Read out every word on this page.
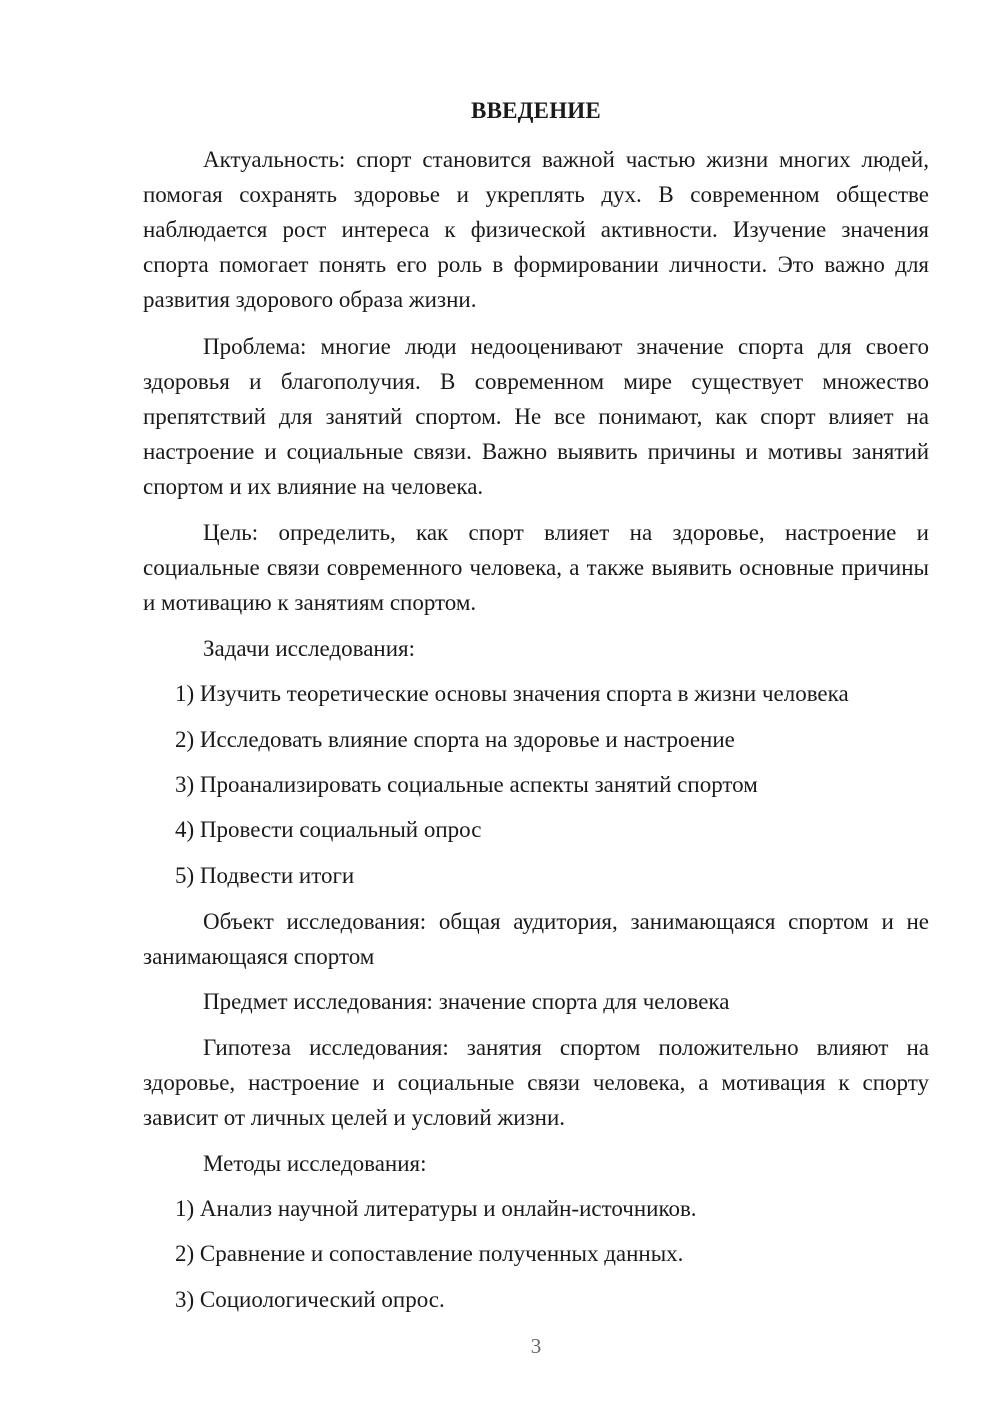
ВВЕДЕНИЕ

Актуальность: спорт становится важной частью жизни многих людей, помогая сохранять здоровье и укреплять дух. В современном обществе наблюдается рост интереса к физической активности. Изучение значения спорта помогает понять его роль в формировании личности. Это важно для развития здорового образа жизни.

Проблема: многие люди недооценивают значение спорта для своего здоровья и благополучия. В современном мире существует множество препятствий для занятий спортом. Не все понимают, как спорт влияет на настроение и социальные связи. Важно выявить причины и мотивы занятий спортом и их влияние на человека.

Цель: определить, как спорт влияет на здоровье, настроение и социальные связи современного человека, а также выявить основные причины и мотивацию к занятиям спортом.

Задачи исследования:

1) Изучить теоретические основы значения спорта в жизни человека

2) Исследовать влияние спорта на здоровье и настроение

3) Проанализировать социальные аспекты занятий спортом

4) Провести социальный опрос

5) Подвести итоги

Объект исследования: общая аудитория, занимающаяся спортом и не занимающаяся спортом

Предмет исследования: значение спорта для человека

Гипотеза исследования: занятия спортом положительно влияют на здоровье, настроение и социальные связи человека, а мотивация к спорту зависит от личных целей и условий жизни.

Методы исследования:

1) Анализ научной литературы и онлайн-источников.

2) Сравнение и сопоставление полученных данных.

3) Социологический опрос.

3
